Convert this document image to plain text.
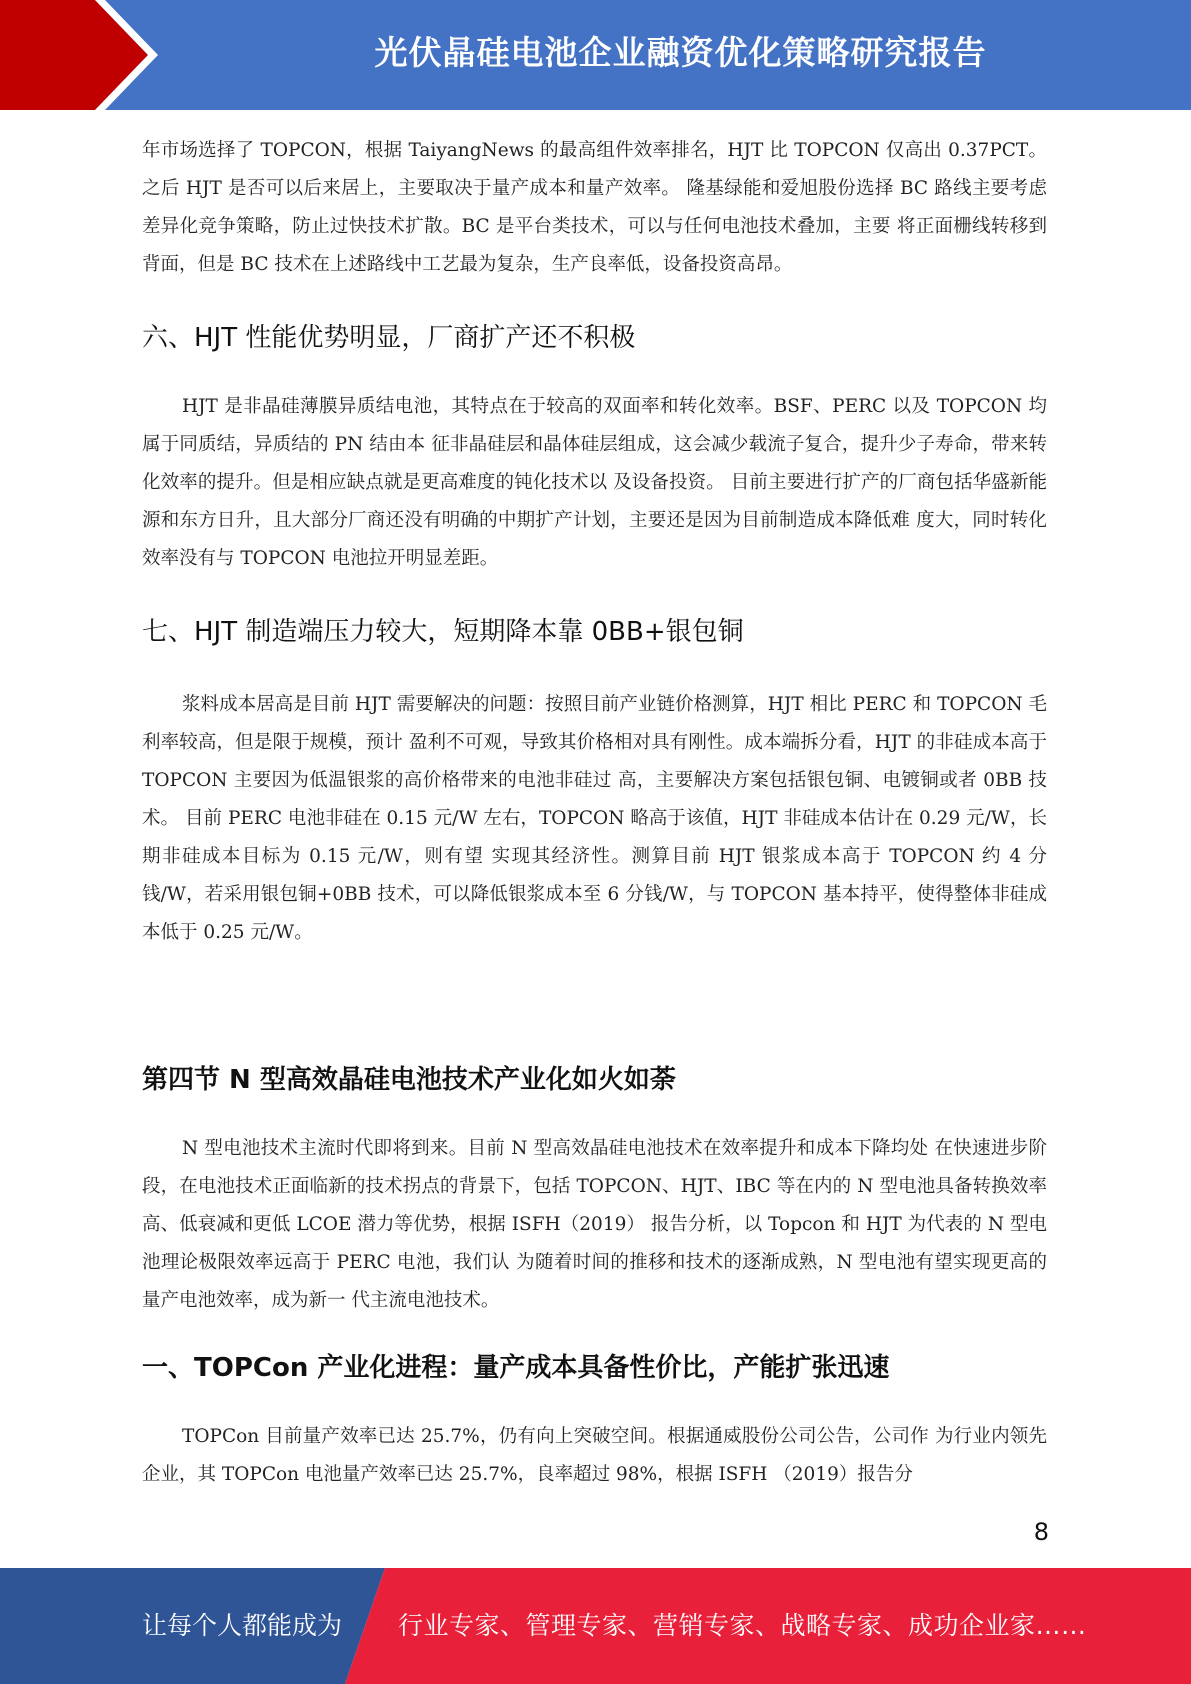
光伏晶硅电池企业融资优化策略研究报告

年市场选择了 TOPCON，根据 TaiyangNews 的最高组件效率排名，HJT 比 TOPCON 仅高出 0.37PCT。之后 HJT 是否可以后来居上，主要取决于量产成本和量产效率。 隆基绿能和爱旭股份选择 BC 路线主要考虑差异化竞争策略，防止过快技术扩散。BC 是平台类技术，可以与任何电池技术叠加，主要 将正面栅线转移到背面，但是 BC 技术在上述路线中工艺最为复杂，生产良率低，设备投资高昂。

六、HJT 性能优势明显，厂商扩产还不积极

HJT 是非晶硅薄膜异质结电池，其特点在于较高的双面率和转化效率。BSF、PERC 以及 TOPCON 均属于同质结，异质结的 PN 结由本 征非晶硅层和晶体硅层组成，这会减少载流子复合，提升少子寿命，带来转化效率的提升。但是相应缺点就是更高难度的钝化技术以 及设备投资。 目前主要进行扩产的厂商包括华盛新能源和东方日升，且大部分厂商还没有明确的中期扩产计划，主要还是因为目前制造成本降低难 度大，同时转化效率没有与 TOPCON 电池拉开明显差距。

七、HJT 制造端压力较大，短期降本靠 0BB+银包铜

浆料成本居高是目前 HJT 需要解决的问题：按照目前产业链价格测算，HJT 相比 PERC 和 TOPCON 毛利率较高，但是限于规模，预计 盈利不可观，导致其价格相对具有刚性。成本端拆分看，HJT 的非硅成本高于 TOPCON 主要因为低温银浆的高价格带来的电池非硅过 高，主要解决方案包括银包铜、电镀铜或者 0BB 技术。 目前 PERC 电池非硅在 0.15 元/W 左右，TOPCON 略高于该值，HJT 非硅成本估计在 0.29 元/W，长期非硅成本目标为 0.15 元/W，则有望 实现其经济性。测算目前 HJT 银浆成本高于 TOPCON 约 4 分钱/W，若采用银包铜+0BB 技术，可以降低银浆成本至 6 分钱/W，与 TOPCON 基本持平，使得整体非硅成本低于 0.25 元/W。

第四节 N 型高效晶硅电池技术产业化如火如荼

N 型电池技术主流时代即将到来。目前 N 型高效晶硅电池技术在效率提升和成本下降均处 在快速进步阶段，在电池技术正面临新的技术拐点的背景下，包括 TOPCON、HJT、IBC 等在内的 N 型电池具备转换效率高、低衰减和更低 LCOE 潜力等优势，根据 ISFH（2019） 报告分析，以 Topcon 和 HJT 为代表的 N 型电池理论极限效率远高于 PERC 电池，我们认 为随着时间的推移和技术的逐渐成熟，N 型电池有望实现更高的量产电池效率，成为新一 代主流电池技术。

一、TOPCon 产业化进程：量产成本具备性价比，产能扩张迅速

TOPCon 目前量产效率已达 25.7%，仍有向上突破空间。根据通威股份公司公告，公司作 为行业内领先企业，其 TOPCon 电池量产效率已达 25.7%，良率超过 98%，根据 ISFH （2019）报告分

8
让每个人都能成为 行业专家、管理专家、营销专家、战略专家、成功企业家……
